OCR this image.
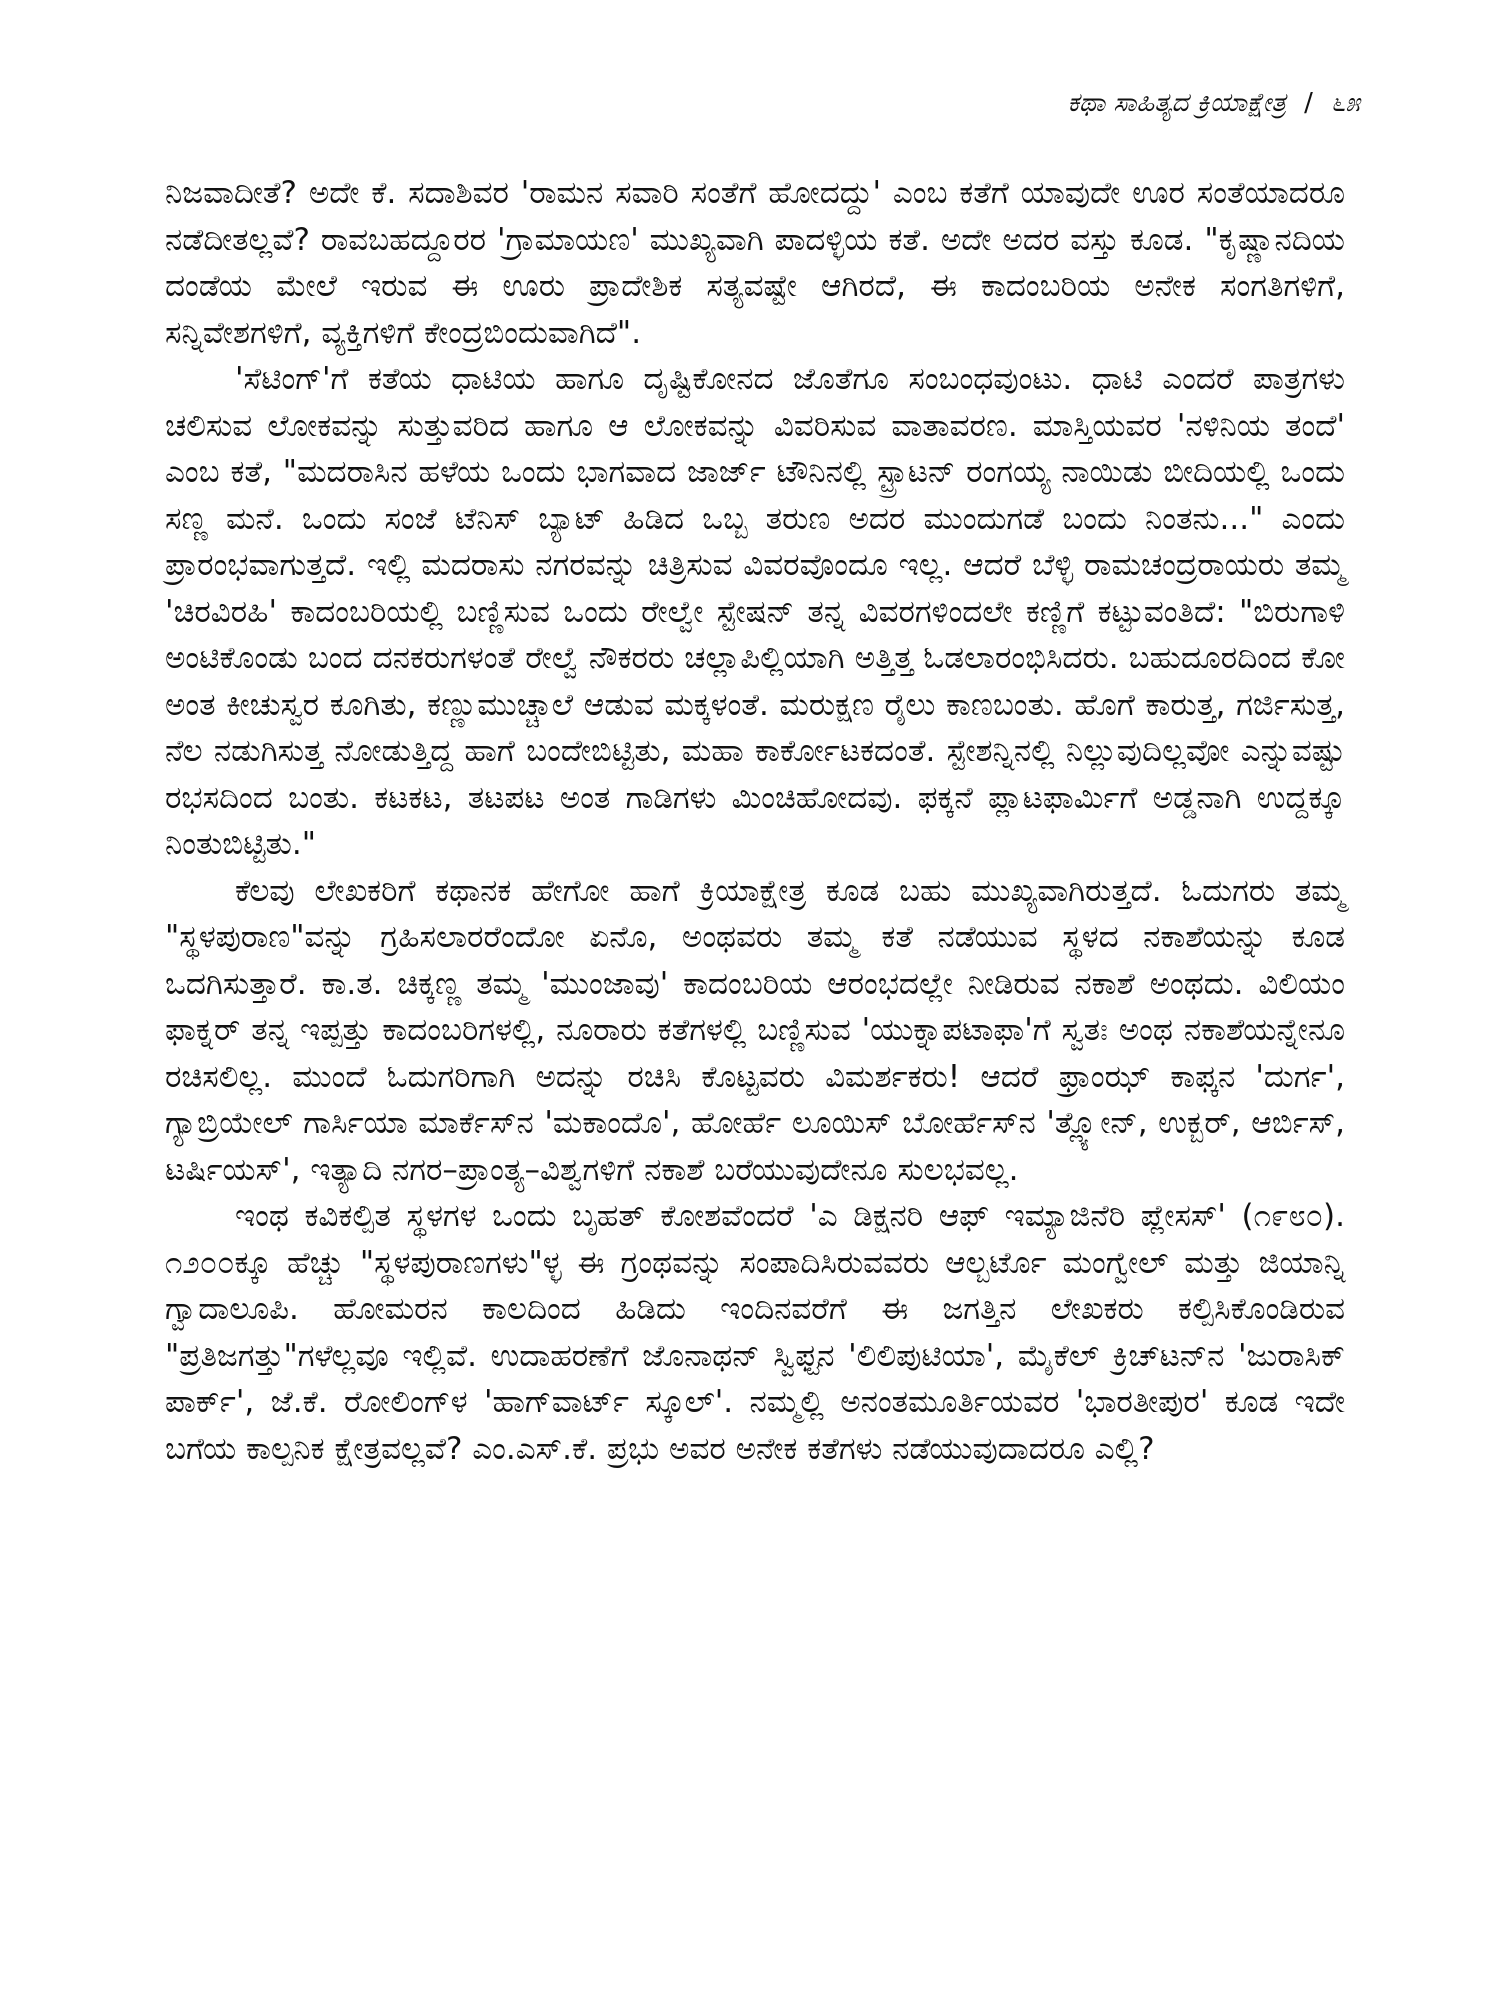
ಕಥಾ ಸಾಹಿತ್ಯದ ಕ್ರಿಯಾಕ್ಷೇತ್ರ / ೬೫

ನಿಜವಾದೀತೆ? ಅದೇ ಕೆ. ಸದಾಶಿವರ 'ರಾಮನ ಸವಾರಿ ಸಂತೆಗೆ ಹೋದದ್ದು' ಎಂಬ ಕತೆಗೆ ಯಾವುದೇ ಊರ ಸಂತೆಯಾದರೂ ನಡೆದೀತಲ್ಲವೆ? ರಾವಬಹದ್ದೂರರ 'ಗ್ರಾಮಾಯಣ' ಮುಖ್ಯವಾಗಿ ಪಾದಳ್ಳಿಯ ಕತೆ. ಅದೇ ಅದರ ವಸ್ತು ಕೂಡ. "ಕೃಷ್ಣಾನದಿಯ ದಂಡೆಯ ಮೇಲೆ ಇರುವ ಈ ಊರು ಪ್ರಾದೇಶಿಕ ಸತ್ಯವಷ್ಟೇ ಆಗಿರದೆ, ಈ ಕಾದಂಬರಿಯ ಅನೇಕ ಸಂಗತಿಗಳಿಗೆ, ಸನ್ನಿವೇಶಗಳಿಗೆ, ವ್ಯಕ್ತಿಗಳಿಗೆ ಕೇಂದ್ರಬಿಂದುವಾಗಿದೆ".

'ಸೆಟಿಂಗ್'ಗೆ ಕತೆಯ ಧಾಟಿಯ ಹಾಗೂ ದೃಷ್ಟಿಕೋನದ ಜೊತೆಗೂ ಸಂಬಂಧವುಂಟು. ಧಾಟಿ ಎಂದರೆ ಪಾತ್ರಗಳು ಚಲಿಸುವ ಲೋಕವನ್ನು ಸುತ್ತುವರಿದ ಹಾಗೂ ಆ ಲೋಕವನ್ನು ವಿವರಿಸುವ ವಾತಾವರಣ. ಮಾಸ್ತಿಯವರ 'ನಳಿನಿಯ ತಂದೆ' ಎಂಬ ಕತೆ, "ಮದರಾಸಿನ ಹಳೆಯ ಒಂದು ಭಾಗವಾದ ಜಾರ್ಜ್ ಟೌನಿನಲ್ಲಿ ಸ್ಟ್ರಾಟನ್ ರಂಗಯ್ಯ ನಾಯಿಡು ಬೀದಿಯಲ್ಲಿ ಒಂದು ಸಣ್ಣ ಮನೆ. ಒಂದು ಸಂಜೆ ಟೆನಿಸ್ ಬ್ಯಾಟ್ ಹಿಡಿದ ಒಬ್ಬ ತರುಣ ಅದರ ಮುಂದುಗಡೆ ಬಂದು ನಿಂತನು..." ಎಂದು ಪ್ರಾರಂಭವಾಗುತ್ತದೆ. ಇಲ್ಲಿ ಮದರಾಸು ನಗರವನ್ನು ಚಿತ್ರಿಸುವ ವಿವರವೊಂದೂ ಇಲ್ಲ. ಆದರೆ ಬೆಳ್ಳಿ ರಾಮಚಂದ್ರರಾಯರು ತಮ್ಮ 'ಚಿರವಿರಹಿ' ಕಾದಂಬರಿಯಲ್ಲಿ ಬಣ್ಣಿಸುವ ಒಂದು ರೇಲ್ವೇ ಸ್ಟೇಷನ್ ತನ್ನ ವಿವರಗಳಿಂದಲೇ ಕಣ್ಣಿಗೆ ಕಟ್ಟುವಂತಿದೆ: "ಬಿರುಗಾಳಿ ಅಂಟಿಕೊಂಡು ಬಂದ ದನಕರುಗಳಂತೆ ರೇಲ್ವೆ ನೌಕರರು ಚಲ್ಲಾಪಿಲ್ಲಿಯಾಗಿ ಅತ್ತಿತ್ತ ಓಡಲಾರಂಭಿಸಿದರು. ಬಹುದೂರದಿಂದ ಕೋ ಅಂತ ಕೀಚುಸ್ವರ ಕೂಗಿತು, ಕಣ್ಣುಮುಚ್ಚಾಲೆ ಆಡುವ ಮಕ್ಕಳಂತೆ. ಮರುಕ್ಷಣ ರೈಲು ಕಾಣಬಂತು. ಹೊಗೆ ಕಾರುತ್ತ, ಗರ್ಜಿಸುತ್ತ, ನೆಲ ನಡುಗಿಸುತ್ತ ನೋಡುತ್ತಿದ್ದ ಹಾಗೆ ಬಂದೇಬಿಟ್ಟಿತು, ಮಹಾ ಕಾರ್ಕೋಟಕದಂತೆ. ಸ್ಟೇಶನ್ನಿನಲ್ಲಿ ನಿಲ್ಲುವುದಿಲ್ಲವೋ ಎನ್ನುವಷ್ಟು ರಭಸದಿಂದ ಬಂತು. ಕಟಕಟ, ತಟಪಟ ಅಂತ ಗಾಡಿಗಳು ಮಿಂಚಿಹೋದವು. ಫಕ್ಕನೆ ಪ್ಲಾಟಫಾರ್ಮಿಗೆ ಅಡ್ಡನಾಗಿ ಉದ್ದಕ್ಕೂ ನಿಂತುಬಿಟ್ಟಿತು."

ಕೆಲವು ಲೇಖಕರಿಗೆ ಕಥಾನಕ ಹೇಗೋ ಹಾಗೆ ಕ್ರಿಯಾಕ್ಷೇತ್ರ ಕೂಡ ಬಹು ಮುಖ್ಯವಾಗಿರುತ್ತದೆ. ಓದುಗರು ತಮ್ಮ "ಸ್ಥಳಪುರಾಣ"ವನ್ನು ಗ್ರಹಿಸಲಾರರೆಂದೋ ಏನೊ, ಅಂಥವರು ತಮ್ಮ ಕತೆ ನಡೆಯುವ ಸ್ಥಳದ ನಕಾಶೆಯನ್ನು ಕೂಡ ಒದಗಿಸುತ್ತಾರೆ. ಕಾ.ತ. ಚಿಕ್ಕಣ್ಣ ತಮ್ಮ 'ಮುಂಜಾವು' ಕಾದಂಬರಿಯ ಆರಂಭದಲ್ಲೇ ನೀಡಿರುವ ನಕಾಶೆ ಅಂಥದು. ವಿಲಿಯಂ ಫಾಕ್ನರ್ ತನ್ನ ಇಪ್ಪತ್ತು ಕಾದಂಬರಿಗಳಲ್ಲಿ, ನೂರಾರು ಕತೆಗಳಲ್ಲಿ ಬಣ್ಣಿಸುವ 'ಯುಕ್ನಾಪಟಾಫಾ'ಗೆ ಸ್ವತಃ ಅಂಥ ನಕಾಶೆಯನ್ನೇನೂ ರಚಿಸಲಿಲ್ಲ. ಮುಂದೆ ಓದುಗರಿಗಾಗಿ ಅದನ್ನು ರಚಿಸಿ ಕೊಟ್ಟವರು ವಿಮರ್ಶಕರು! ಆದರೆ ಫ್ರಾಂಝ್ ಕಾಫ್ಕನ 'ದುರ್ಗ', ಗ್ಯಾಬ್ರಿಯೇಲ್ ಗಾರ್ಸಿಯಾ ಮಾರ್ಕೆಸ್‌ನ 'ಮಕಾಂದೊ', ಹೋರ್ಹೆ ಲೂಯಿಸ್ ಬೋರ್ಹೆಸ್‌ನ 'ತ್ಲ್ಯೋನ್, ಉಕ್ಬರ್, ಆರ್ಬಿಸ್, ಟರ್ಷಿಯಸ್', ಇತ್ಯಾದಿ ನಗರ–ಪ್ರಾಂತ್ಯ–ವಿಶ್ವಗಳಿಗೆ ನಕಾಶೆ ಬರೆಯುವುದೇನೂ ಸುಲಭವಲ್ಲ.

ಇಂಥ ಕವಿಕಲ್ಪಿತ ಸ್ಥಳಗಳ ಒಂದು ಬೃಹತ್ ಕೋಶವೆಂದರೆ 'ಎ ಡಿಕ್ಷನರಿ ಆಫ್ ಇಮ್ಯಾಜಿನೆರಿ ಪ್ಲೇಸಸ್' (೧೯೮೦). ೧೨೦೦ಕ್ಕೂ ಹೆಚ್ಚು "ಸ್ಥಳಪುರಾಣಗಳು"ಳ್ಳ ಈ ಗ್ರಂಥವನ್ನು ಸಂಪಾದಿಸಿರುವವರು ಆಲ್ಬರ್ಟೊ ಮಂಗ್ವೇಲ್ ಮತ್ತು ಜಿಯಾನ್ನಿ ಗ್ವಾದಾಲೂಪಿ. ಹೋಮರನ ಕಾಲದಿಂದ ಹಿಡಿದು ಇಂದಿನವರೆಗೆ ಈ ಜಗತ್ತಿನ ಲೇಖಕರು ಕಲ್ಪಿಸಿಕೊಂಡಿರುವ "ಪ್ರತಿಜಗತ್ತು"ಗಳೆಲ್ಲವೂ ಇಲ್ಲಿವೆ. ಉದಾಹರಣೆಗೆ ಜೊನಾಥನ್ ಸ್ವಿಫ್ಟನ 'ಲಿಲಿಪುಟಿಯಾ', ಮೈಕೆಲ್ ಕ್ರಿಚ್‌ಟನ್‌ನ 'ಜುರಾಸಿಕ್ ಪಾರ್ಕ್', ಜೆ.ಕೆ. ರೋಲಿಂಗ್‌ಳ 'ಹಾಗ್‌ವಾರ್ಟ್ ಸ್ಕೂಲ್'. ನಮ್ಮಲ್ಲಿ ಅನಂತಮೂರ್ತಿಯವರ 'ಭಾರತೀಪುರ' ಕೂಡ ಇದೇ ಬಗೆಯ ಕಾಲ್ಪನಿಕ ಕ್ಷೇತ್ರವಲ್ಲವೆ? ಎಂ.ಎಸ್.ಕೆ. ಪ್ರಭು ಅವರ ಅನೇಕ ಕತೆಗಳು ನಡೆಯುವುದಾದರೂ ಎಲ್ಲಿ?
